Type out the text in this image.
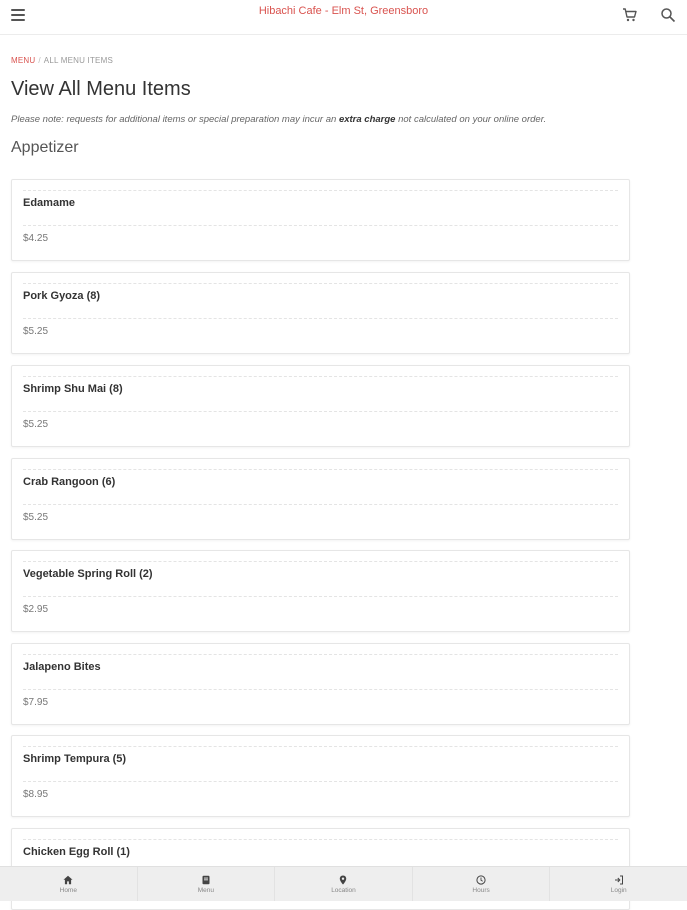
Hibachi Cafe - Elm St, Greensboro
MENU / ALL MENU ITEMS
View All Menu Items
Please note: requests for additional items or special preparation may incur an extra charge not calculated on your online order.
Appetizer
Edamame
$4.25
Pork Gyoza (8)
$5.25
Shrimp Shu Mai (8)
$5.25
Crab Rangoon (6)
$5.25
Vegetable Spring Roll (2)
$2.95
Jalapeno Bites
$7.95
Shrimp Tempura (5)
$8.95
Chicken Egg Roll (1)
Home	Menu	Location	Hours	Login
